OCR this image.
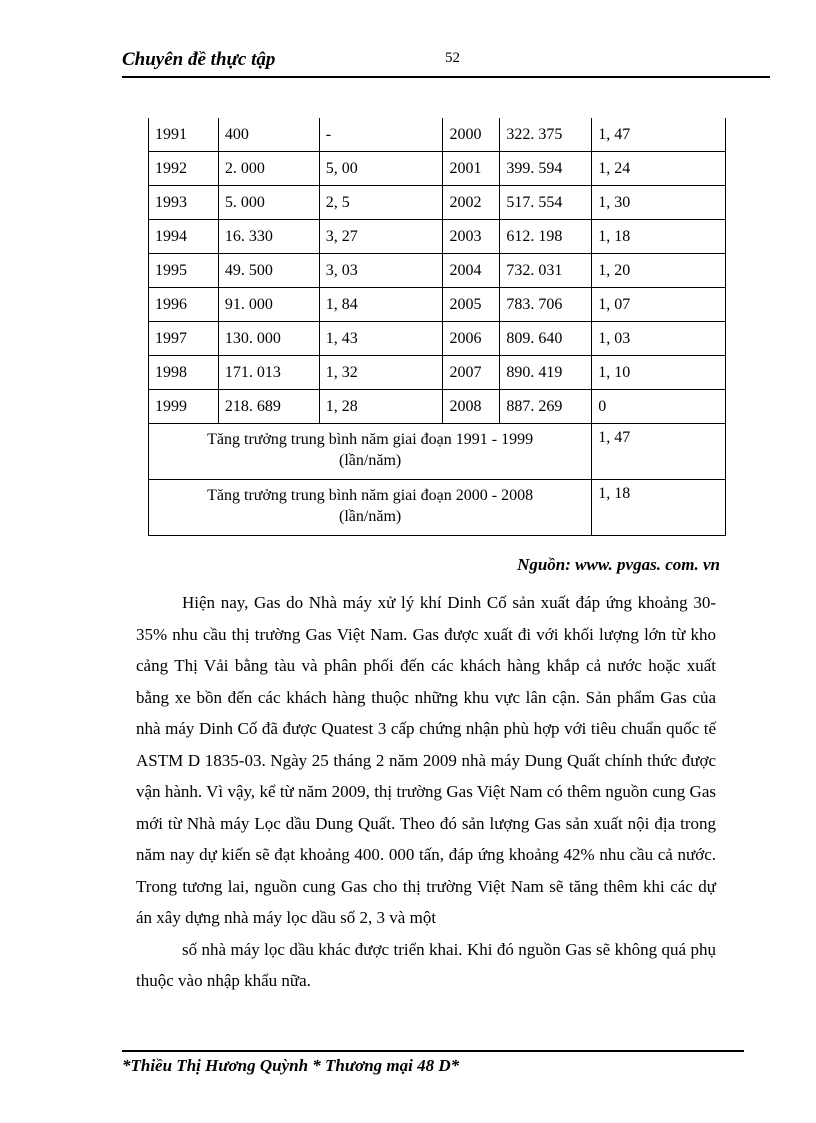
Chuyên đề thực tập	52
1991	400	-	2000	322. 375	1, 47
1992	2. 000	5, 00	2001	399. 594	1, 24
1993	5. 000	2, 5	2002	517. 554	1, 30
1994	16. 330	3, 27	2003	612. 198	1, 18
1995	49. 500	3, 03	2004	732. 031	1, 20
1996	91. 000	1, 84	2005	783. 706	1, 07
1997	130. 000	1, 43	2006	809. 640	1, 03
1998	171. 013	1, 32	2007	890. 419	1, 10
1999	218. 689	1, 28	2008	887. 269	0

Tăng trưởng trung bình năm giai đoạn 1991 - 1999
(lần/năm)					1, 47

Tăng trưởng trung bình năm giai đoạn 2000 - 2008
(lần/năm)					1, 18
Nguồn: www. pvgas. com. vn

Hiện nay, Gas do Nhà máy xử lý khí Dinh Cố sản xuất đáp ứng khoảng 30- 35% nhu cầu thị trường Gas Việt Nam. Gas được xuất đi với khối lượng lớn từ kho cảng Thị Vải bằng tàu và phân phối đến các khách hàng khắp cả nước hoặc xuất bằng xe bồn đến các khách hàng thuộc những khu vực lân cận. Sản phẩm Gas của nhà máy Dinh Cố đã được Quatest 3 cấp chứng nhận phù hợp với tiêu chuẩn quốc tế ASTM D 1835-03. Ngày 25 tháng 2 năm 2009 nhà máy Dung Quất chính thức được vận hành. Vì vậy, kể từ năm 2009, thị trường Gas Việt Nam có thêm nguồn cung Gas mới từ Nhà máy Lọc dầu Dung Quất. Theo đó sản lượng Gas sản xuất nội địa trong năm nay dự kiến sẽ đạt khoảng 400. 000 tấn, đáp ứng khoảng 42% nhu cầu cả nước. Trong tương lai, nguồn cung Gas cho thị trường Việt Nam sẽ tăng thêm khi các dự án xây dựng nhà máy lọc dầu số 2, 3 và một

số nhà máy lọc dầu khác được triển khai. Khi đó nguồn Gas sẽ không quá phụ thuộc vào nhập khẩu nữa.

*Thiều Thị Hương Quỳnh * Thương mại 48 D*
